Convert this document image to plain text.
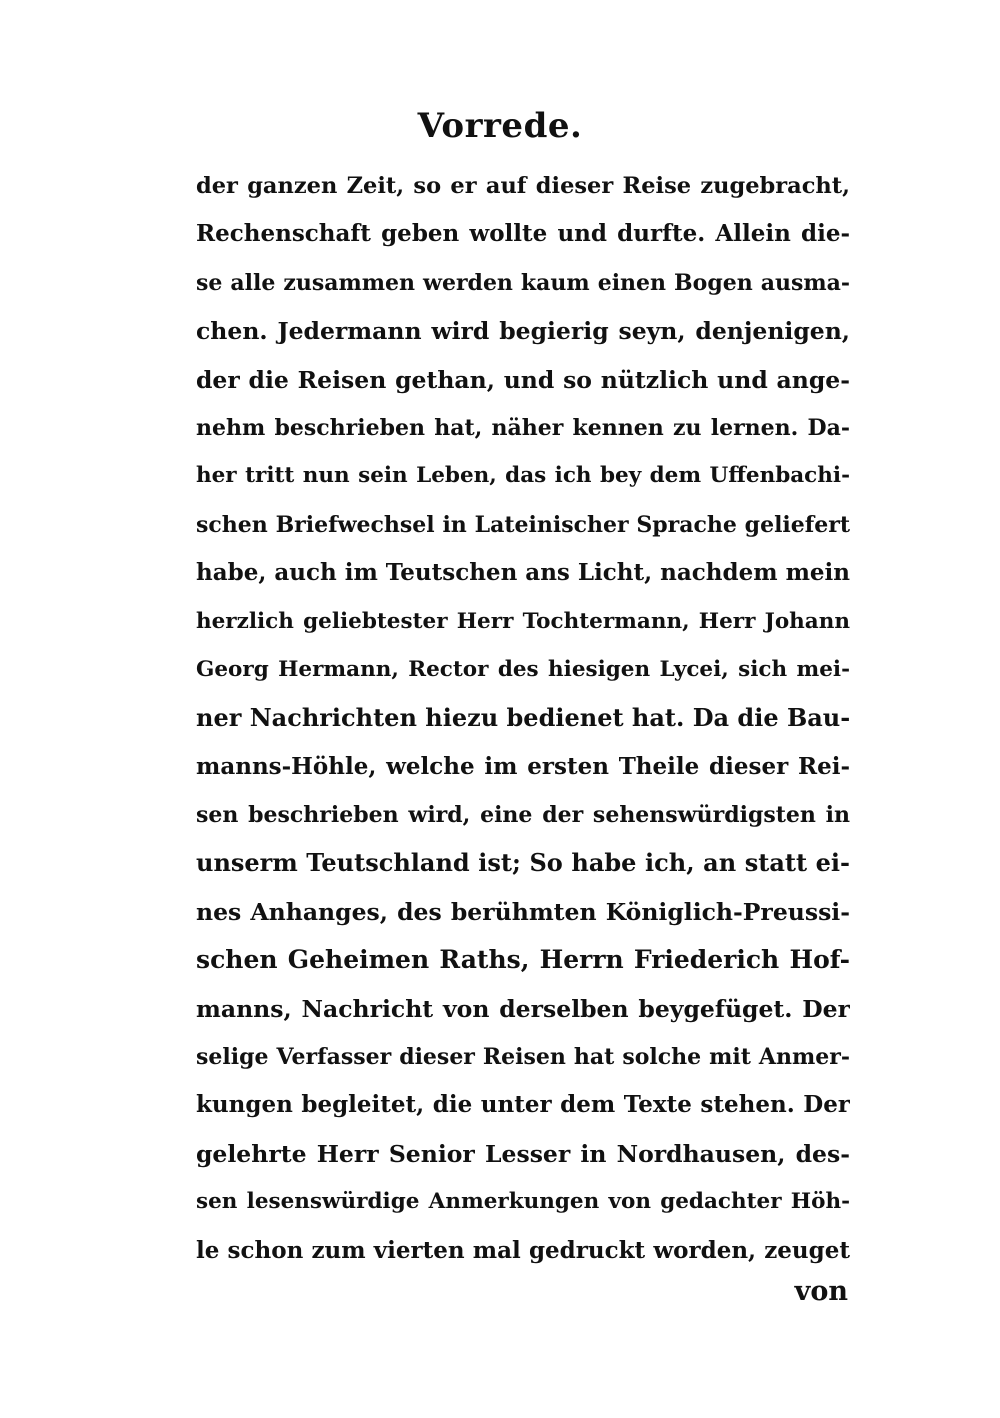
Vorrede.
der ganzen Zeit, so er auf dieser Reise zugebracht,
Rechenschaft geben wollte und durfte. Allein die-
se alle zusammen werden kaum einen Bogen ausma-
chen. Jedermann wird begierig seyn, denjenigen,
der die Reisen gethan, und so nützlich und ange-
nehm beschrieben hat, näher kennen zu lernen. Da-
her tritt nun sein Leben, das ich bey dem Uffenbachi-
schen Briefwechsel in Lateinischer Sprache geliefert
habe, auch im Teutschen ans Licht, nachdem mein
herzlich geliebtester Herr Tochtermann, Herr Johann
Georg Hermann, Rector des hiesigen Lycei, sich mei-
ner Nachrichten hiezu bedienet hat. Da die Bau-
manns-Höhle, welche im ersten Theile dieser Rei-
sen beschrieben wird, eine der sehenswürdigsten in
unserm Teutschland ist; So habe ich, an statt ei-
nes Anhanges, des berühmten Königlich-Preussi-
schen Geheimen Raths, Herrn Friederich Hof-
manns, Nachricht von derselben beygefüget. Der
selige Verfasser dieser Reisen hat solche mit Anmer-
kungen begleitet, die unter dem Texte stehen. Der
gelehrte Herr Senior Lesser in Nordhausen, des-
sen lesenswürdige Anmerkungen von gedachter Höh-
le schon zum vierten mal gedruckt worden, zeuget
von
